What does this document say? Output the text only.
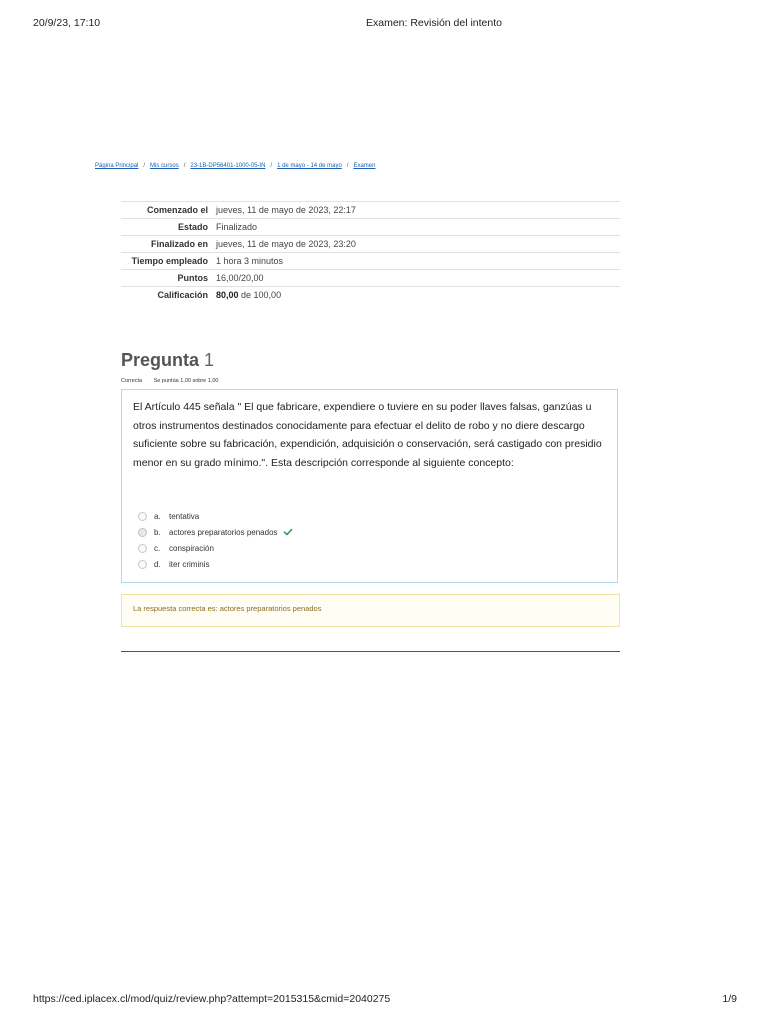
20/9/23, 17:10	Examen: Revisión del intento
Página Principal / Mis cursos / 23-1B-DP56401-1000-05-IN / 1 de mayo - 14 de mayo / Examen
Comenzado el jueves, 11 de mayo de 2023, 22:17
Estado Finalizado
Finalizado en jueves, 11 de mayo de 2023, 23:20
Tiempo empleado 1 hora 3 minutos
Puntos 16,00/20,00
Calificación 80,00 de 100,00
Pregunta 1
Correcta Se puntúa 1,00 sobre 1,00
El Artículo 445 señala " El que fabricare, expendiere o tuviere en su poder llaves falsas, ganzúas u otros instrumentos destinados conocidamente para efectuar el delito de robo y no diere descargo suficiente sobre su fabricación, expendición, adquisición o conservación, será castigado con presidio menor en su grado mínimo.". Esta descripción corresponde al siguiente concepto:
a.	tentativa
b.	actores preparatorios penados
c.	conspiración
d.	iter criminis
La respuesta correcta es: actores preparatorios penados
https://ced.iplacex.cl/mod/quiz/review.php?attempt=2015315&cmid=2040275	1/9
